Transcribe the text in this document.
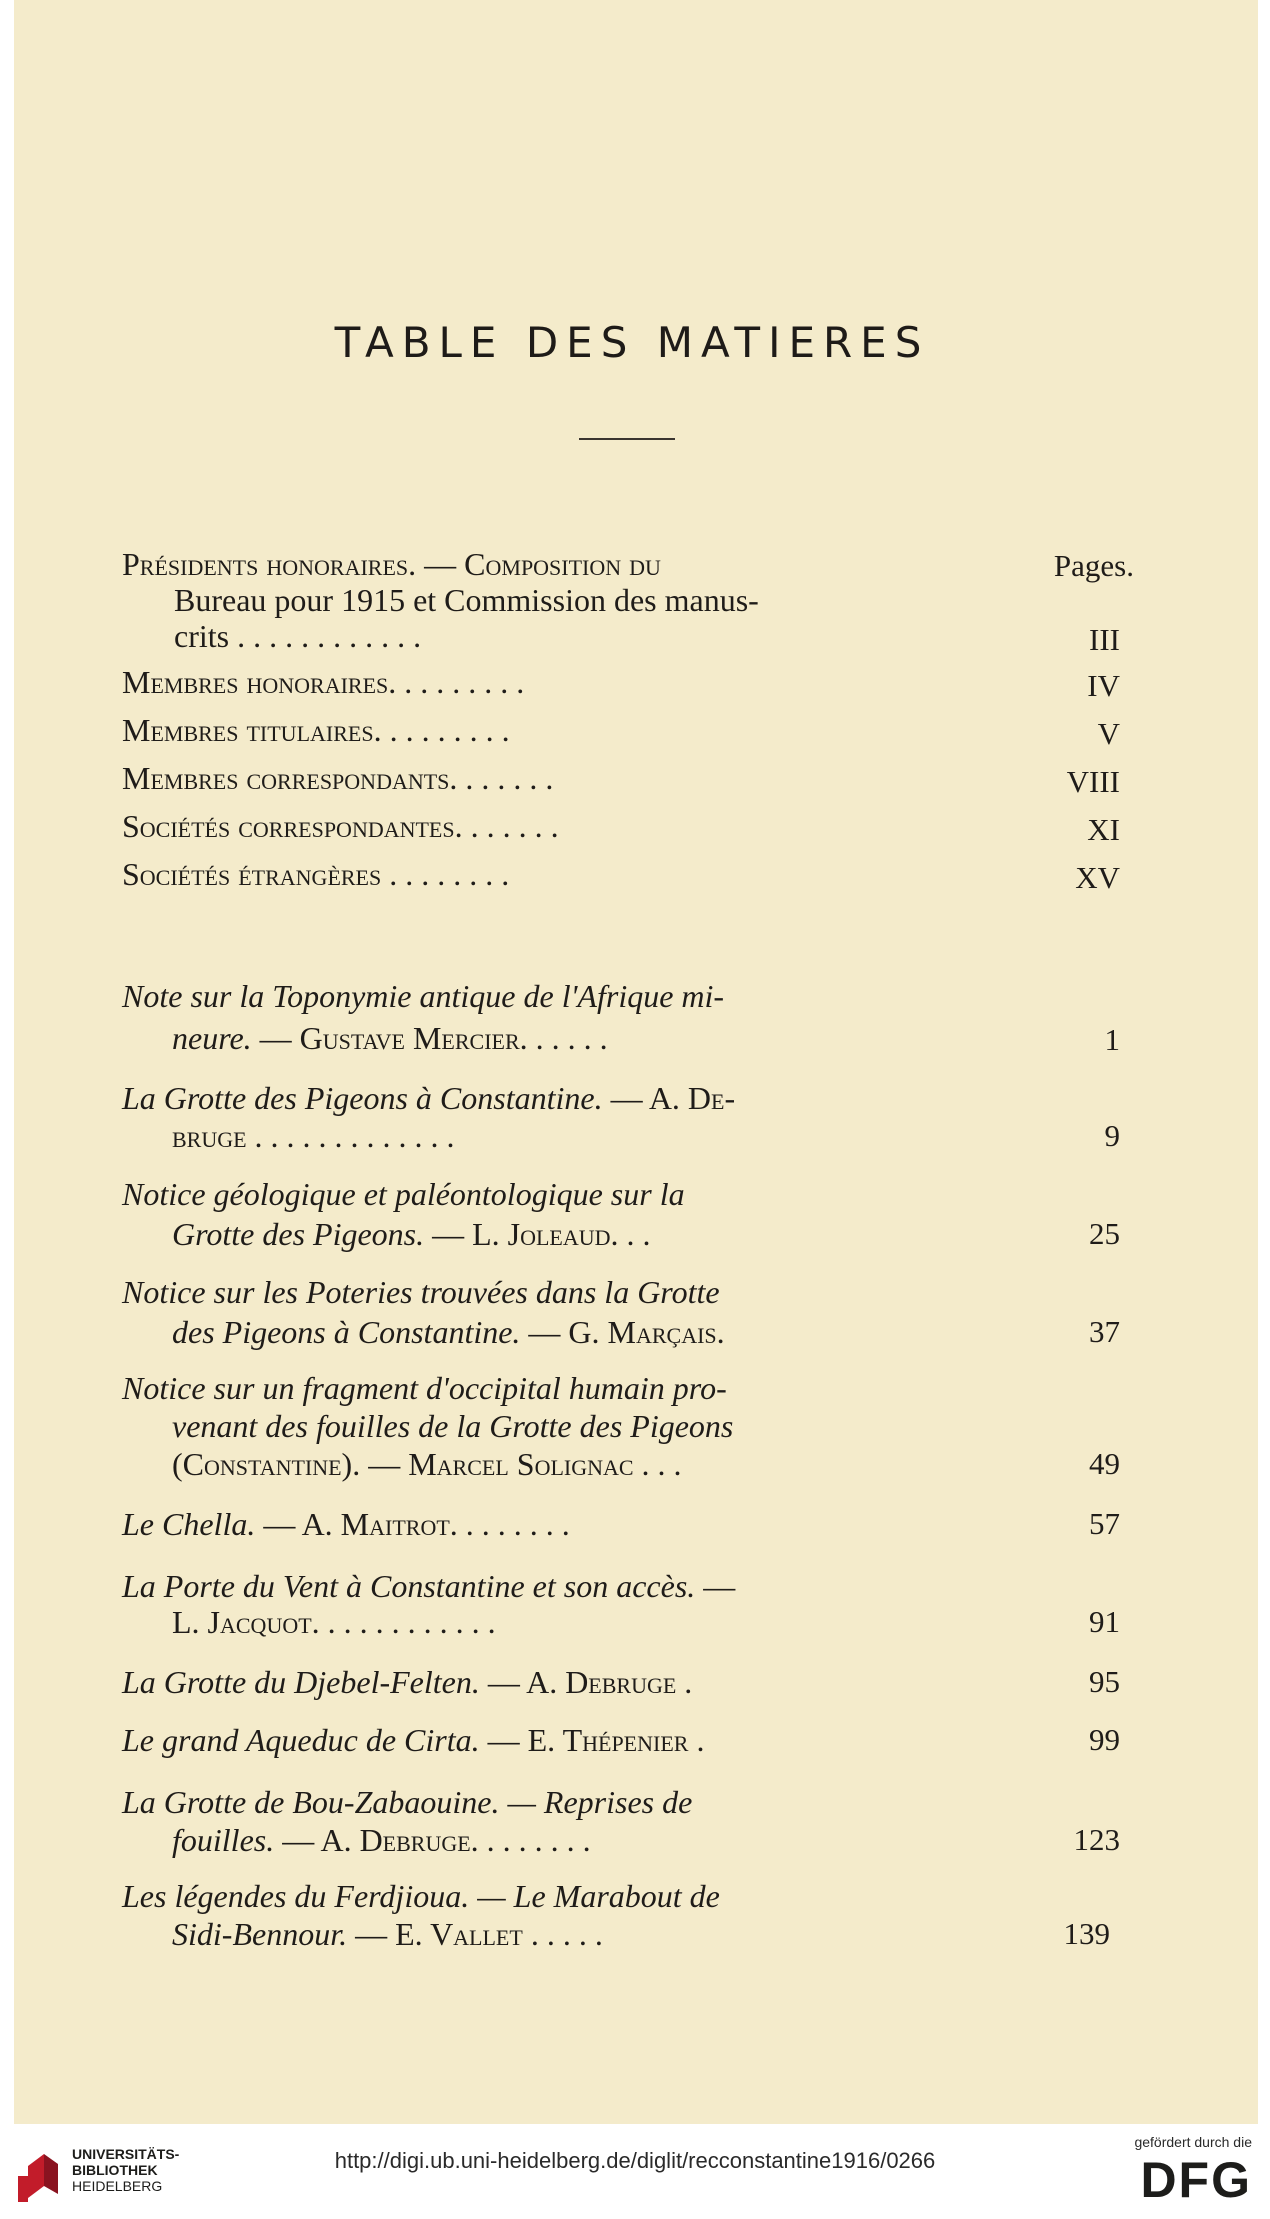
TABLE DES MATIERES
Pages.
Présidents honoraires. — Composition du
Bureau pour 1915 et Commission des manus-
crits . . . . . . . . . . . .	III
Membres honoraires. . . . . . . . .	IV
Membres titulaires. . . . . . . . .	V
Membres correspondants. . . . . . .	VIII
Sociétés correspondantes. . . . . . .	XI
Sociétés étrangères . . . . . . . .	XV
Note sur la Toponymie antique de l'Afrique mi-
neure. — Gustave Mercier. . . . . .	1
La Grotte des Pigeons à Constantine. — A. De-
bruge . . . . . . . . . . . . .	9
Notice géologique et paléontologique sur la
Grotte des Pigeons. — L. Joleaud. . .	25
Notice sur les Poteries trouvées dans la Grotte
des Pigeons à Constantine. — G. Marçais.	37
Notice sur un fragment d'occipital humain pro-
venant des fouilles de la Grotte des Pigeons
(Constantine). — Marcel Solignac . . .	49
Le Chella. — A. Maitrot. . . . . . . .	57
La Porte du Vent à Constantine et son accès. —
L. Jacquot. . . . . . . . . . . .	91
La Grotte du Djebel-Felten. — A. Debruge .	95
Le grand Aqueduc de Cirta. — E. Thépenier .	99
La Grotte de Bou-Zabaouine. — Reprises de
fouilles. — A. Debruge. . . . . . . .	123
Les légendes du Ferdjioua. — Le Marabout de
Sidi-Bennour. — E. Vallet . . . . .	139
UNIVERSITÄTS-
BIBLIOTHEK
HEIDELBERG
http://digi.ub.uni-heidelberg.de/diglit/recconstantine1916/0266
gefördert durch die
DFG
